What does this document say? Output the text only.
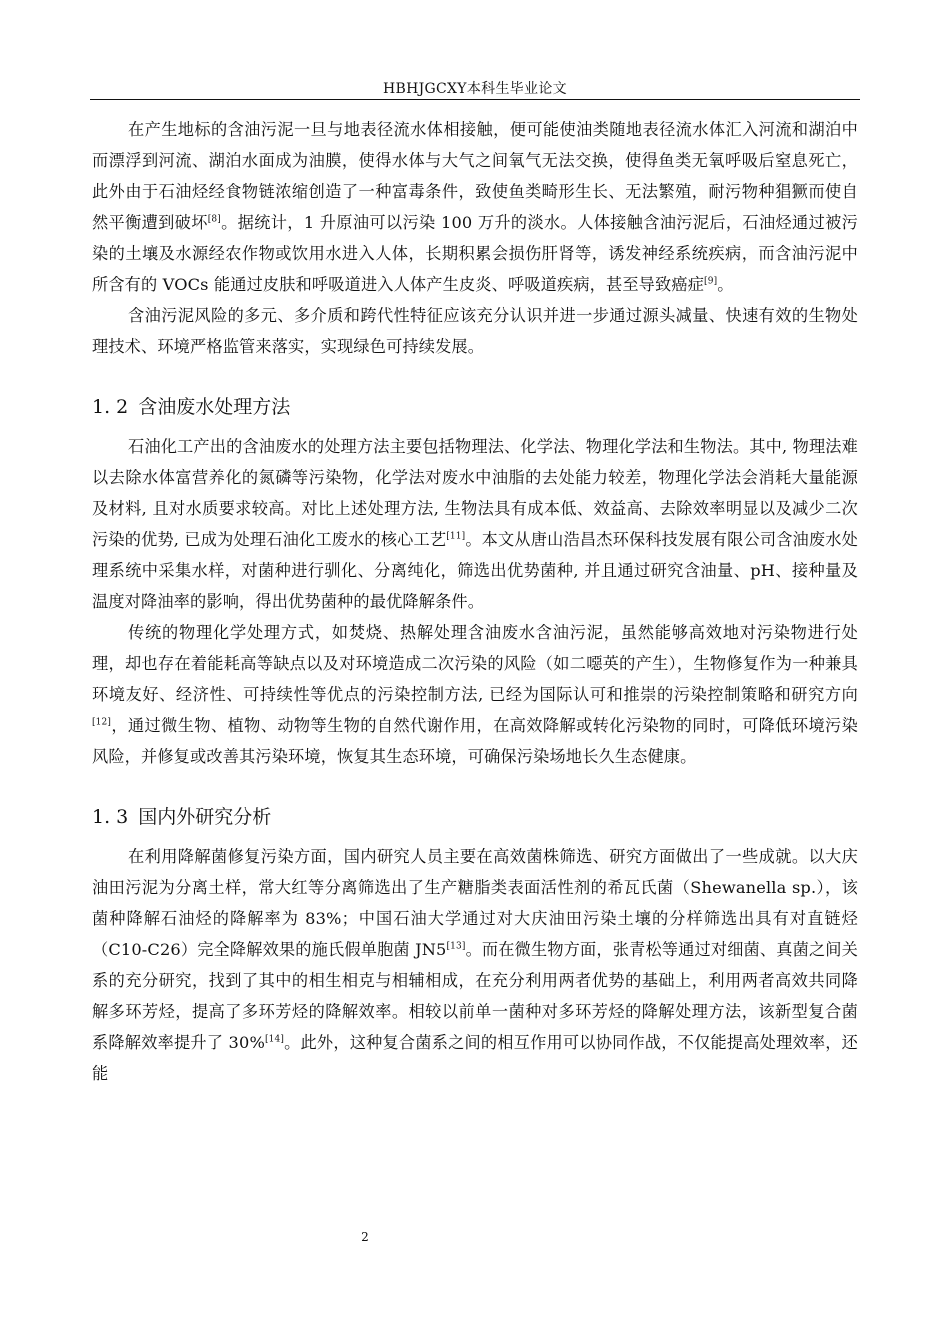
HBHJGCXY本科生毕业论文

在产生地标的含油污泥一旦与地表径流水体相接触，便可能使油类随地表径流水体汇入河流和湖泊中而漂浮到河流、湖泊水面成为油膜，使得水体与大气之间氧气无法交换，使得鱼类无氧呼吸后窒息死亡，此外由于石油烃经食物链浓缩创造了一种富毒条件，致使鱼类畸形生长、无法繁殖，耐污物种猖獗而使自然平衡遭到破坏[8]。据统计，1 升原油可以污染 100 万升的淡水。人体接触含油污泥后，石油烃通过被污染的土壤及水源经农作物或饮用水进入人体，长期积累会损伤肝肾等，诱发神经系统疾病，而含油污泥中所含有的 VOCs 能通过皮肤和呼吸道进入人体产生皮炎、呼吸道疾病，甚至导致癌症[9]。

含油污泥风险的多元、多介质和跨代性特征应该充分认识并进一步通过源头减量、快速有效的生物处理技术、环境严格监管来落实，实现绿色可持续发展。

1. 2 含油废水处理方法

石油化工产出的含油废水的处理方法主要包括物理法、化学法、物理化学法和生物法。其中, 物理法难以去除水体富营养化的氮磷等污染物，化学法对废水中油脂的去处能力较差，物理化学法会消耗大量能源及材料, 且对水质要求较高。对比上述处理方法, 生物法具有成本低、效益高、去除效率明显以及减少二次污染的优势, 已成为处理石油化工废水的核心工艺[11]。本文从唐山浩昌杰环保科技发展有限公司含油废水处理系统中采集水样，对菌种进行驯化、分离纯化，筛选出优势菌种, 并且通过研究含油量、pH、接种量及温度对降油率的影响，得出优势菌种的最优降解条件。

传统的物理化学处理方式，如焚烧、热解处理含油废水含油污泥，虽然能够高效地对污染物进行处理，却也存在着能耗高等缺点以及对环境造成二次污染的风险（如二噁英的产生），生物修复作为一种兼具环境友好、经济性、可持续性等优点的污染控制方法, 已经为国际认可和推崇的污染控制策略和研究方向[12]，通过微生物、植物、动物等生物的自然代谢作用，在高效降解或转化污染物的同时，可降低环境污染风险，并修复或改善其污染环境，恢复其生态环境，可确保污染场地长久生态健康。

1. 3 国内外研究分析

在利用降解菌修复污染方面，国内研究人员主要在高效菌株筛选、研究方面做出了一些成就。以大庆油田污泥为分离土样，常大红等分离筛选出了生产糖脂类表面活性剂的希瓦氏菌（Shewanella sp.），该菌种降解石油烃的降解率为 83%；中国石油大学通过对大庆油田污染土壤的分样筛选出具有对直链烃（C10-C26）完全降解效果的施氏假单胞菌 JN5[13]。而在微生物方面，张青松等通过对细菌、真菌之间关系的充分研究，找到了其中的相生相克与相辅相成，在充分利用两者优势的基础上，利用两者高效共同降解多环芳烃，提高了多环芳烃的降解效率。相较以前单一菌种对多环芳烃的降解处理方法，该新型复合菌系降解效率提升了 30%[14]。此外，这种复合菌系之间的相互作用可以协同作战，不仅能提高处理效率，还能

2
